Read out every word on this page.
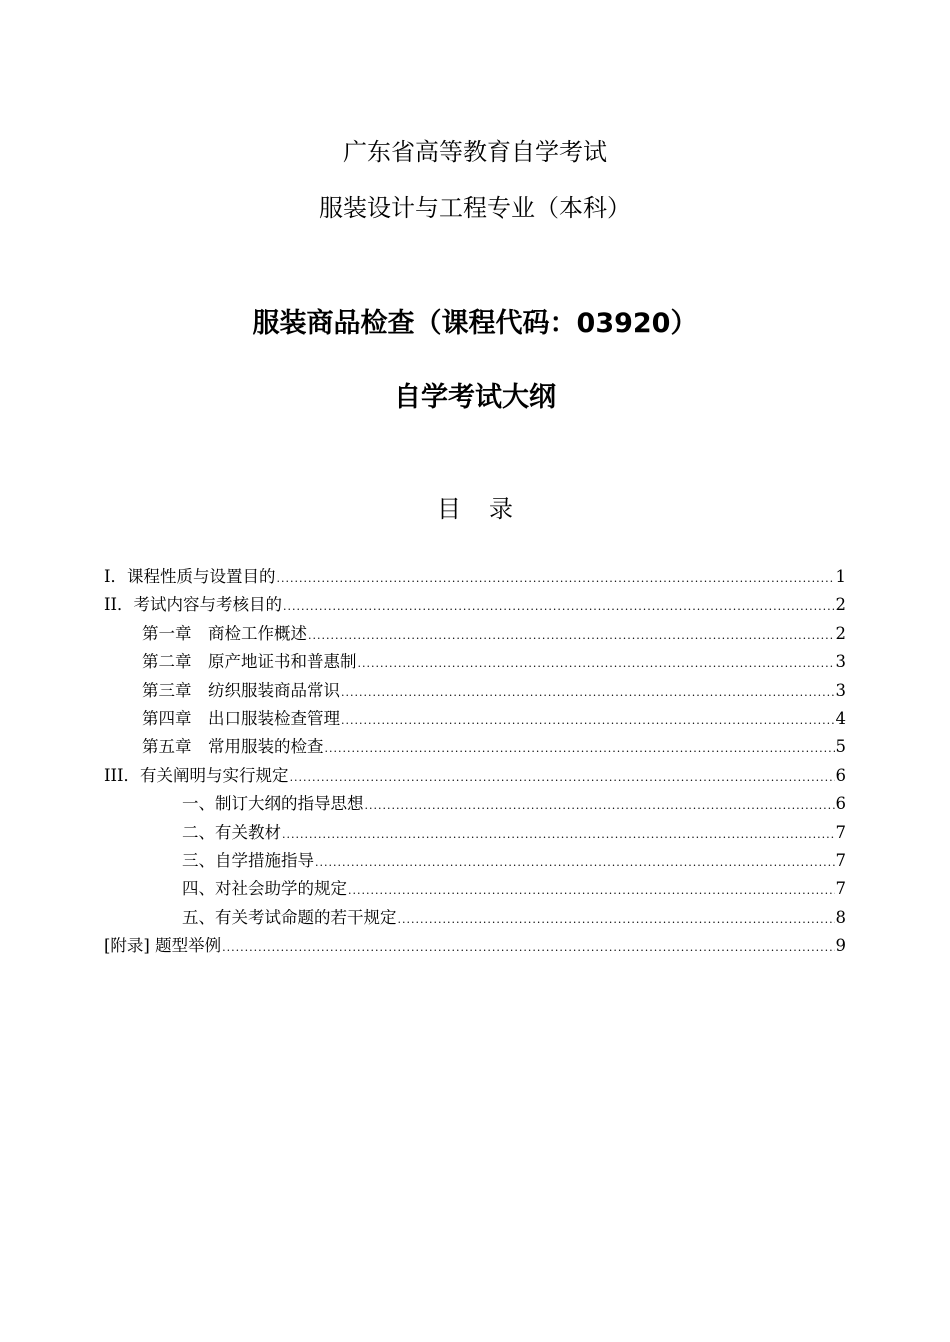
广东省高等教育自学考试
服装设计与工程专业（本科）
服装商品检查（课程代码：03920）
自学考试大纲
目录
I．课程性质与设置目的 .....	1
II．考试内容与考核目的 .....	2
第一章　商检工作概述 .....	2
第二章　原产地证书和普惠制 .....	3
第三章　纺织服装商品常识 .....	3
第四章　出口服装检查管理 .....	4
第五章　常用服装的检查 .....	5
III．有关阐明与实行规定 .....	6
一、制订大纲的指导思想 .....	6
二、有关教材 .....	7
三、自学措施指导 .....	7
四、对社会助学的规定 .....	7
五、有关考试命题的若干规定 .....	8
[附录] 题型举例 .....	9
